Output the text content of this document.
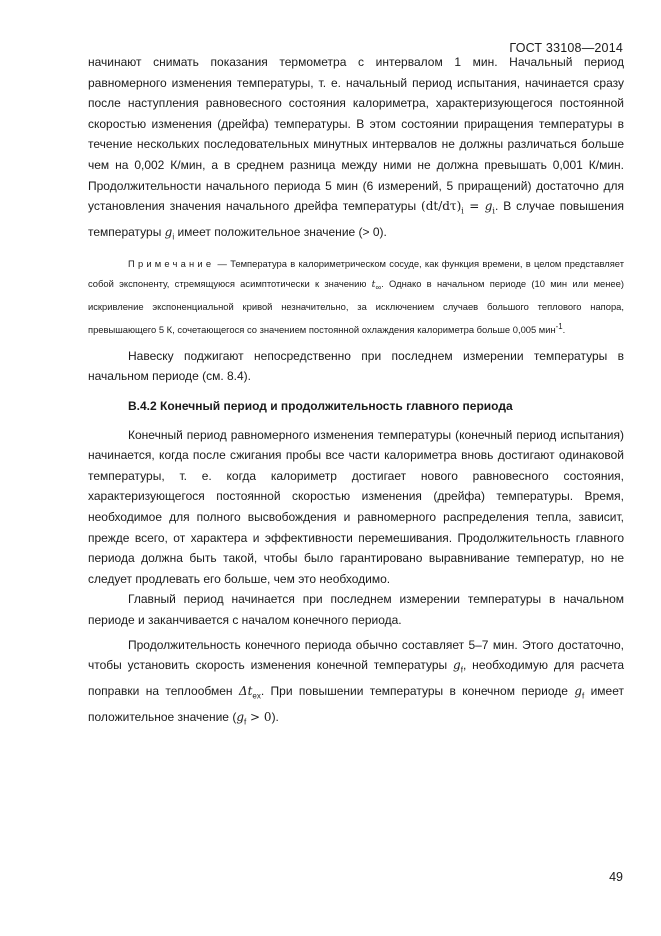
ГОСТ 33108—2014

начинают снимать показания термометра с интервалом 1 мин. Начальный период равномерного изменения температуры, т. е. начальный период испытания, начинается сразу после наступления равновесного состояния калориметра, характеризующегося постоянной скоростью изменения (дрейфа) температуры. В этом состоянии приращения температуры в течение нескольких последовательных минутных интервалов не должны различаться больше чем на 0,002 К/мин, а в среднем разница между ними не должна превышать 0,001 К/мин. Продолжительности начального периода 5 мин (6 измерений, 5 приращений) достаточно для установления значения начального дрейфа температуры $(dt/d\tau)_i = g_i$. В случае повышения температуры $g_i$ имеет положительное значение (> 0).

Примечание — Температура в калориметрическом сосуде, как функция времени, в целом представляет собой экспоненту, стремящуюся асимптотически к значению $t_\infty$. Однако в начальном периоде (10 мин или менее) искривление экспоненциальной кривой незначительно, за исключением случаев большого теплового напора, превышающего 5 К, сочетающегося со значением постоянной охлаждения калориметра больше 0,005 мин$^{-1}$.

Навеску поджигают непосредственно при последнем измерении температуры в начальном периоде (см. 8.4).

В.4.2 Конечный период и продолжительность главного периода

Конечный период равномерного изменения температуры (конечный период испытания) начинается, когда после сжигания пробы все части калориметра вновь достигают одинаковой температуры, т. е. когда калориметр достигает нового равновесного состояния, характеризующегося постоянной скоростью изменения (дрейфа) температуры. Время, необходимое для полного высвобождения и равномерного распределения тепла, зависит, прежде всего, от характера и эффективности перемешивания. Продолжительность главного периода должна быть такой, чтобы было гарантировано выравнивание температур, но не следует продлевать его больше, чем это необходимо.

Главный период начинается при последнем измерении температуры в начальном периоде и заканчивается с началом конечного периода.

Продолжительность конечного периода обычно составляет 5–7 мин. Этого достаточно, чтобы установить скорость изменения конечной температуры $g_f$, необходимую для расчета поправки на теплообмен $\Delta t_{ex}$. При повышении температуры в конечном периоде $g_f$ имеет положительное значение $(g_f > 0)$.

49
